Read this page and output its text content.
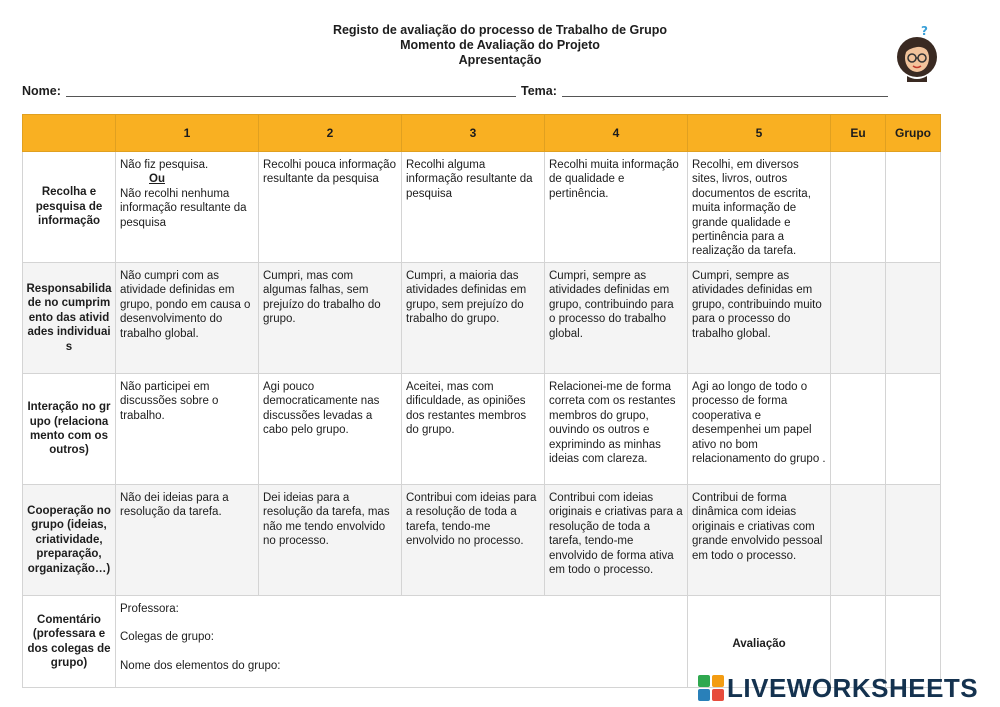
Registo de avaliação do processo de Trabalho de Grupo
Momento de Avaliação do Projeto
Apresentação
?
Nome:	Tema:
	1	2	3	4	5	Eu	Grupo
Recolha e pesquisa de informação	Não fiz pesquisa.
Ou
Não recolhi nenhuma informação resultante da pesquisa	Recolhi pouca informação resultante da pesquisa	Recolhi alguma informação resultante da pesquisa	Recolhi muita informação de qualidade e pertinência.	Recolhi, em diversos sites, livros, outros documentos de escrita, muita informação de grande qualidade e pertinência para a realização da tarefa.		
Responsabilidade no cumprimento das atividades individuais	Não cumpri com as atividade definidas em grupo, pondo em causa o desenvolvimento do trabalho global.	Cumpri, mas com algumas falhas, sem prejuízo do trabalho do grupo.	Cumpri, a maioria das atividades definidas em grupo, sem prejuízo do trabalho do grupo.	Cumpri, sempre as atividades definidas em grupo, contribuindo para o processo do trabalho global.	Cumpri, sempre as atividades definidas em grupo, contribuindo muito para o processo do trabalho global.		
Interação no grupo (relacionamento com os outros)	Não participei em discussões sobre o trabalho.	Agi pouco democraticamente nas discussões levadas a cabo pelo grupo.	Aceitei, mas com dificuldade, as opiniões dos restantes membros do grupo.	Relacionei-me de forma correta com os restantes membros do grupo, ouvindo os outros e exprimindo as minhas ideias com clareza.	Agi ao longo de todo o processo de forma cooperativa e desempenhei um papel ativo no bom relacionamento do grupo .		
Cooperação no grupo (ideias, criatividade, preparação, organização…)	Não dei ideias para a resolução da tarefa.	Dei ideias para a resolução da tarefa, mas não me tendo envolvido no processo.	Contribui com ideias para a resolução de toda a tarefa, tendo-me envolvido no processo.	Contribui com ideias originais e criativas para a resolução de toda a tarefa, tendo-me envolvido de forma ativa em todo o processo.	Contribui de forma dinâmica com ideias originais e criativas com grande envolvido pessoal em todo o processo.		
Comentário (professara e dos colegas de grupo)	Professora:
Colegas de grupo:
Nome dos elementos do grupo:				Avaliação		
LIVEWORKSHEETS
